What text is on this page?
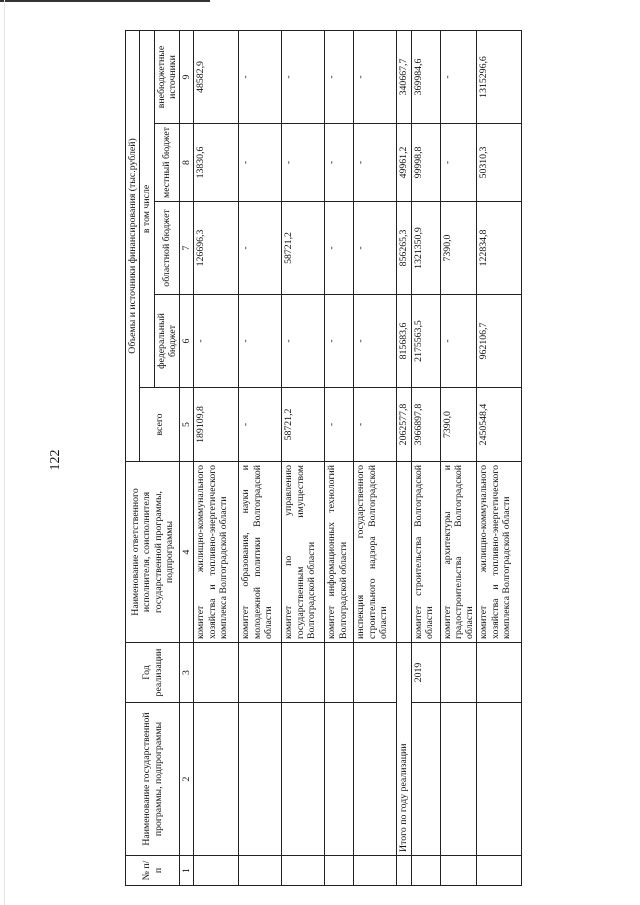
122
№ п/п	Наименование государственной программы, подпрограммы	Год реализации	Наименование ответственного исполнителя, соисполнителя государственной программы, подпрограммы	Объемы и источники финансирования (тыс.рублей)				
				всего	в том числе			
					федеральный бюджет	областной бюджет	местный бюджет	внебюджетные источники
1	2	3	4	5	6	7	8	9
			комитет жилищно-коммунального хозяйства и топливно-энергетического комплекса Волгоградской области	189109,8	-	126696,3	13830,6	48582,9
			комитет образования, науки и молодежной политики Волгоградской области	-	-	-	-	-
			комитет по управлению государственным имуществом Волгоградской области	58721,2	-	58721,2	-	-
			комитет информационных технологий Волгоградской области	-	-	-	-	-
			инспекция государственного строительного надзора Волгоградской области	-	-	-	-	-
	Итого по году реализации			2062577,8	815683,6	856265,3	49961,2	340667,7
		2019	комитет строительства Волгоградской области	3966897,8	2175563,5	1321350,9	99998,8	369984,6
			комитет архитектуры и градостроительства Волгоградской области	7390,0	-	7390,0	-	-
			комитет жилищно-коммунального хозяйства и топливно-энергетического комплекса Волгоградской области	2450548,4	962106,7	122834,8	50310,3	1315296,6
